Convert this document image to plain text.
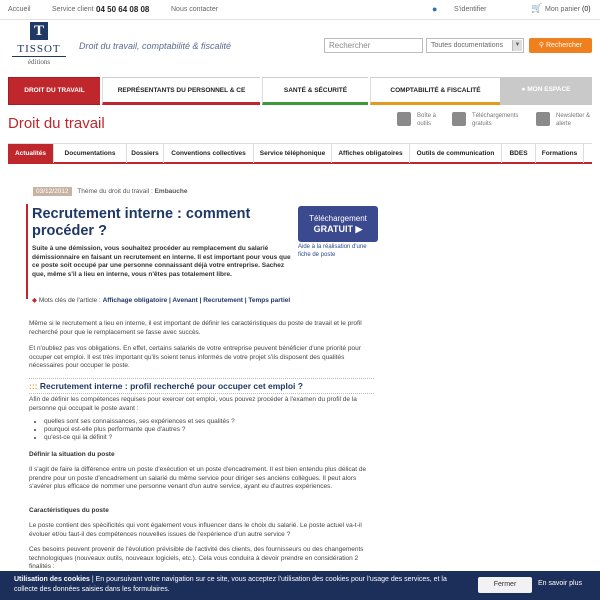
Accueil	Service client 04 50 64 08 08	Nous contacter	● S'identifier	🛒 Mon panier (0)
T
TISSOT
éditions
Droit du travail, comptabilité & fiscalité	Rechercher	Toutes documentations	▼	⚲ Rechercher
DROIT DU TRAVAIL	REPRÉSENTANTS DU PERSONNEL & CE	SANTÉ & SÉCURITÉ	COMPTABILITÉ & FISCALITÉ	● MON ESPACE
Droit du travail	Boîte à outils
Téléchargements gratuits
Newsletter & alerte
Actualités	Documentations	Dossiers	Conventions collectives	Service téléphonique	Affiches obligatoires	Outils de communication	BDES	Formations
03/12/2012 Thème du droit du travail : Embauche
Recrutement interne : comment procéder ?
Suite à une démission, vous souhaitez procéder au remplacement du salarié démissionnaire en faisant un recrutement en interne. Il est important pour vous que ce poste soit occupé par une personne connaissant déjà votre entreprise. Sachez que, même s'il a lieu en interne, vous n'êtes pas totalement libre.
Téléchargement
GRATUIT ▶
Aide à la réalisation d'une fiche de poste
◆ Mots clés de l'article : Affichage obligatoire | Avenant | Recrutement | Temps partiel
Même si le recrutement a lieu en interne, il est important de définir les caractéristiques du poste de travail et le profil recherché pour que le remplacement se fasse avec succès.
Et n'oubliez pas vos obligations. En effet, certains salariés de votre entreprise peuvent bénéficier d'une priorité pour occuper cet emploi. Il est très important qu'ils soient tenus informés de votre projet s'ils disposent des qualités nécessaires pour occuper le poste.
::: Recrutement interne : profil recherché pour occuper cet emploi ?
Afin de définir les compétences requises pour exercer cet emploi, vous pouvez procéder à l'examen du profil de la personne qui occupait le poste avant :
• quelles sont ses connaissances, ses expériences et ses qualités ?
• pourquoi est-elle plus performante que d'autres ?
• qu'est-ce qui la définit ?
Définir la situation du poste
Il s'agit de faire la différence entre un poste d'exécution et un poste d'encadrement. Il est bien entendu plus délicat de prendre pour un poste d'encadrement un salarié du même service pour diriger ses anciens collègues. Il peut alors s'avérer plus efficace de nommer une personne venant d'un autre service, ayant eu d'autres expériences.
Caractéristiques du poste
Le poste contient des spécificités qui vont également vous influencer dans le choix du salarié. Le poste actuel va-t-il évoluer et/ou faut-il des compétences nouvelles issues de l'expérience d'un autre service ?
Ces besoins peuvent provenir de l'évolution prévisible de l'activité des clients, des fournisseurs ou des changements technologiques (nouveaux outils, nouveaux logiciels, etc.). Cela vous conduira à devoir prendre en considération 2 finalités :
Utilisation des cookies | En poursuivant votre navigation sur ce site, vous acceptez l'utilisation des cookies pour l'usage des services, et la collecte des données saisies dans les formulaires.
Fermer	En savoir plus
